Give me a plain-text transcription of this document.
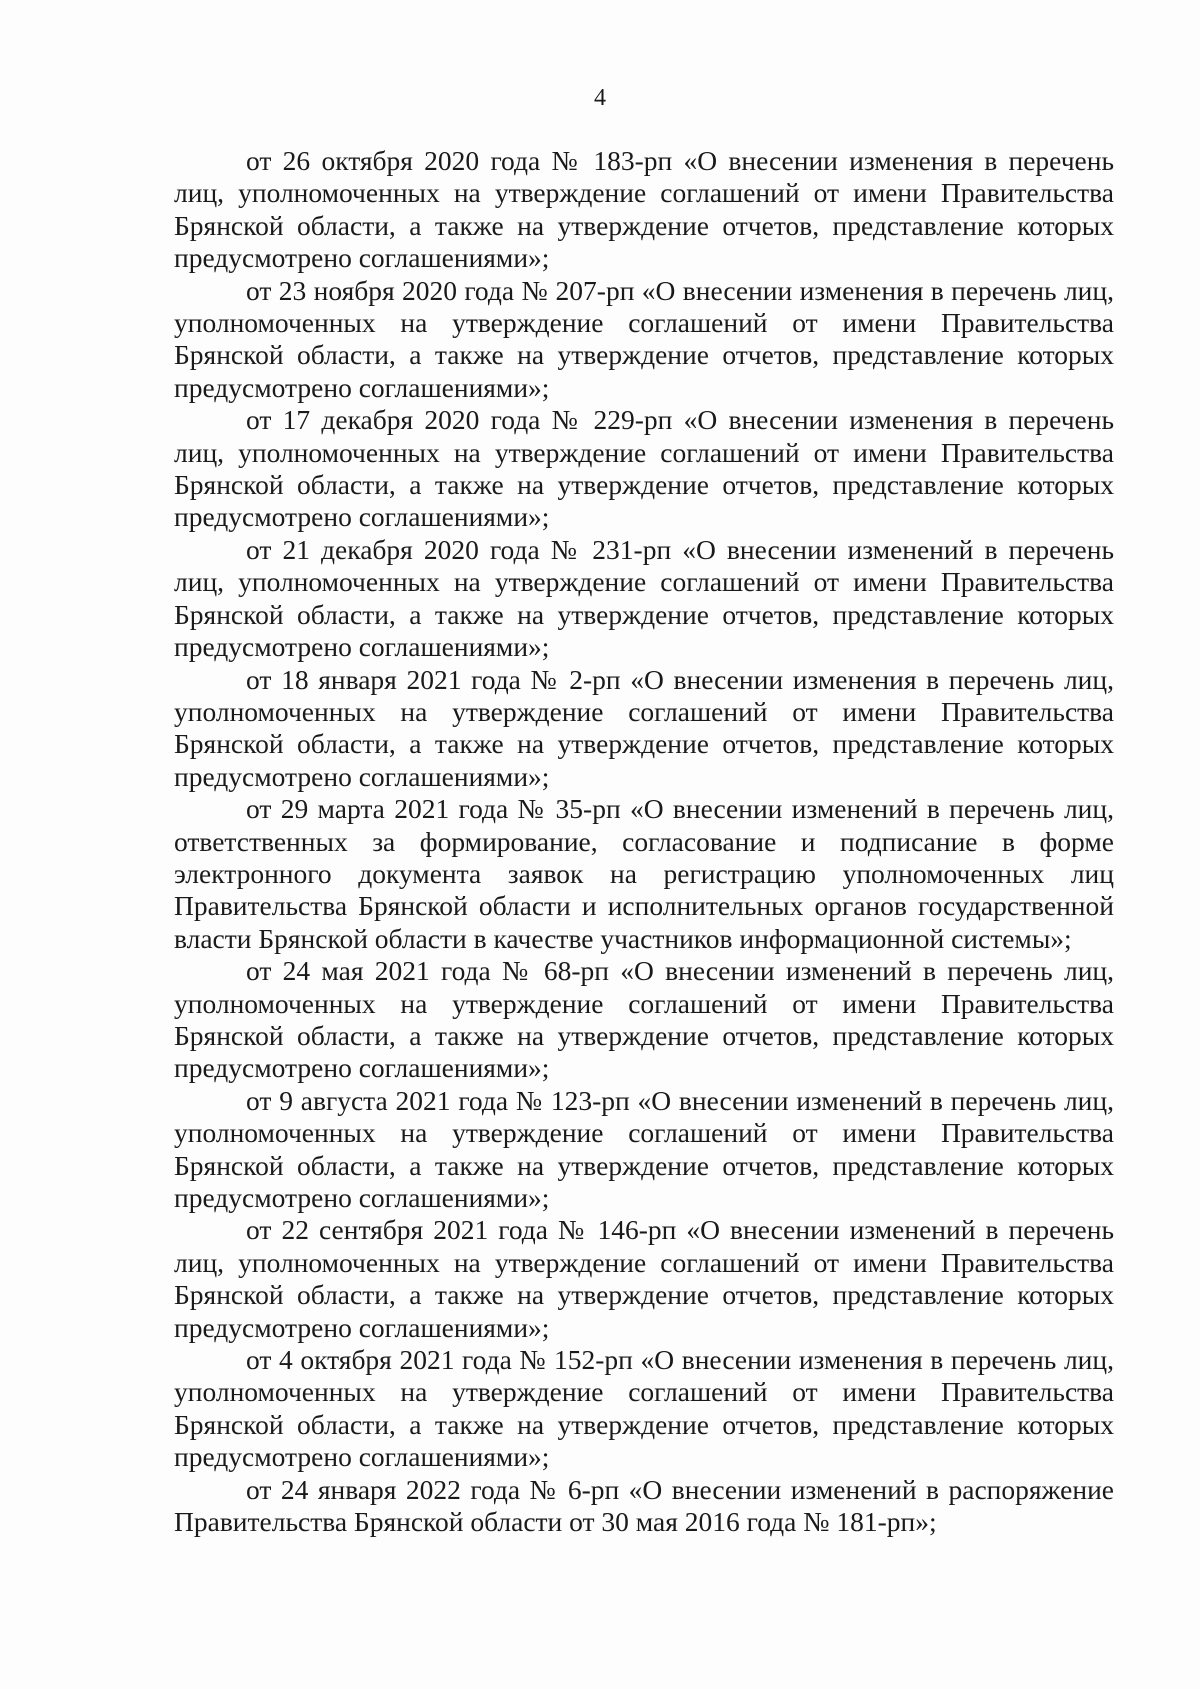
4

от 26 октября 2020 года № 183-рп «О внесении изменения в перечень лиц, уполномоченных на утверждение соглашений от имени Правительства Брянской области, а также на утверждение отчетов, представление которых предусмотрено соглашениями»;

от 23 ноября 2020 года № 207-рп «О внесении изменения в перечень лиц, уполномоченных на утверждение соглашений от имени Правительства Брянской области, а также на утверждение отчетов, представление которых предусмотрено соглашениями»;

от 17 декабря 2020 года № 229-рп «О внесении изменения в перечень лиц, уполномоченных на утверждение соглашений от имени Правительства Брянской области, а также на утверждение отчетов, представление которых предусмотрено соглашениями»;

от 21 декабря 2020 года № 231-рп «О внесении изменений в перечень лиц, уполномоченных на утверждение соглашений от имени Правительства Брянской области, а также на утверждение отчетов, представление которых предусмотрено соглашениями»;

от 18 января 2021 года № 2-рп «О внесении изменения в перечень лиц, уполномоченных на утверждение соглашений от имени Правительства Брянской области, а также на утверждение отчетов, представление которых предусмотрено соглашениями»;

от 29 марта 2021 года № 35-рп «О внесении изменений в перечень лиц, ответственных за формирование, согласование и подписание в форме электронного документа заявок на регистрацию уполномоченных лиц Правительства Брянской области и исполнительных органов государственной власти Брянской области в качестве участников информационной системы»;

от 24 мая 2021 года № 68-рп «О внесении изменений в перечень лиц, уполномоченных на утверждение соглашений от имени Правительства Брянской области, а также на утверждение отчетов, представление которых предусмотрено соглашениями»;

от 9 августа 2021 года № 123-рп «О внесении изменений в перечень лиц, уполномоченных на утверждение соглашений от имени Правительства Брянской области, а также на утверждение отчетов, представление которых предусмотрено соглашениями»;

от 22 сентября 2021 года № 146-рп «О внесении изменений в перечень лиц, уполномоченных на утверждение соглашений от имени Правительства Брянской области, а также на утверждение отчетов, представление которых предусмотрено соглашениями»;

от 4 октября 2021 года № 152-рп «О внесении изменения в перечень лиц, уполномоченных на утверждение соглашений от имени Правительства Брянской области, а также на утверждение отчетов, представление которых предусмотрено соглашениями»;

от 24 января 2022 года № 6-рп «О внесении изменений в распоряжение Правительства Брянской области от 30 мая 2016 года № 181-рп»;
